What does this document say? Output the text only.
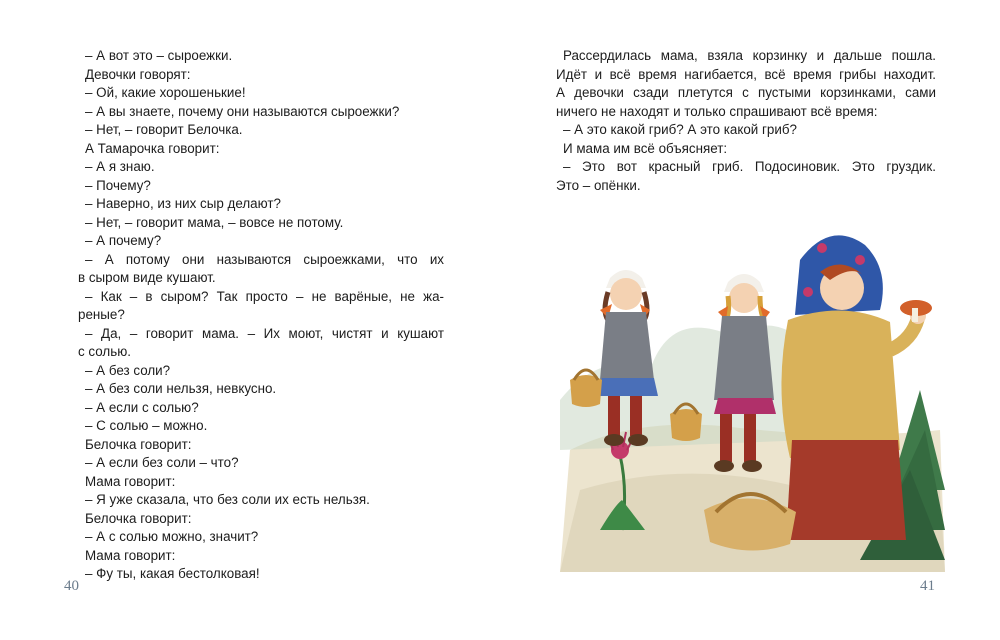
– А вот это – сыроежки.
Девочки говорят:
– Ой, какие хорошенькие!
– А вы знаете, почему они называются сыроежки?
– Нет, – говорит Белочка.
А Тамарочка говорит:
– А я знаю.
– Почему?
– Наверно, из них сыр делают?
– Нет, – говорит мама, – вовсе не потому.
– А почему?
– А потому они называются сыроежками, что их
в сыром виде кушают.
– Как – в сыром? Так просто – не варёные, не жа-
реные?
– Да, – говорит мама. – Их моют, чистят и кушают
с солью.
– А без соли?
– А без соли нельзя, невкусно.
– А если с солью?
– С солью – можно.
Белочка говорит:
– А если без соли – что?
Мама говорит:
– Я уже сказала, что без соли их есть нельзя.
Белочка говорит:
– А с солью можно, значит?
Мама говорит:
– Фу ты, какая бестолковая!
40
Рассердилась мама, взяла корзинку и дальше пошла.
Идёт и всё время нагибается, всё время грибы находит.
А девочки сзади плетутся с пустыми корзинками, сами
ничего не находят и только спрашивают всё время:
– А это какой гриб? А это какой гриб?
И мама им всё объясняет:
– Это вот красный гриб. Подосиновик. Это груздик.
Это – опёнки.
41
